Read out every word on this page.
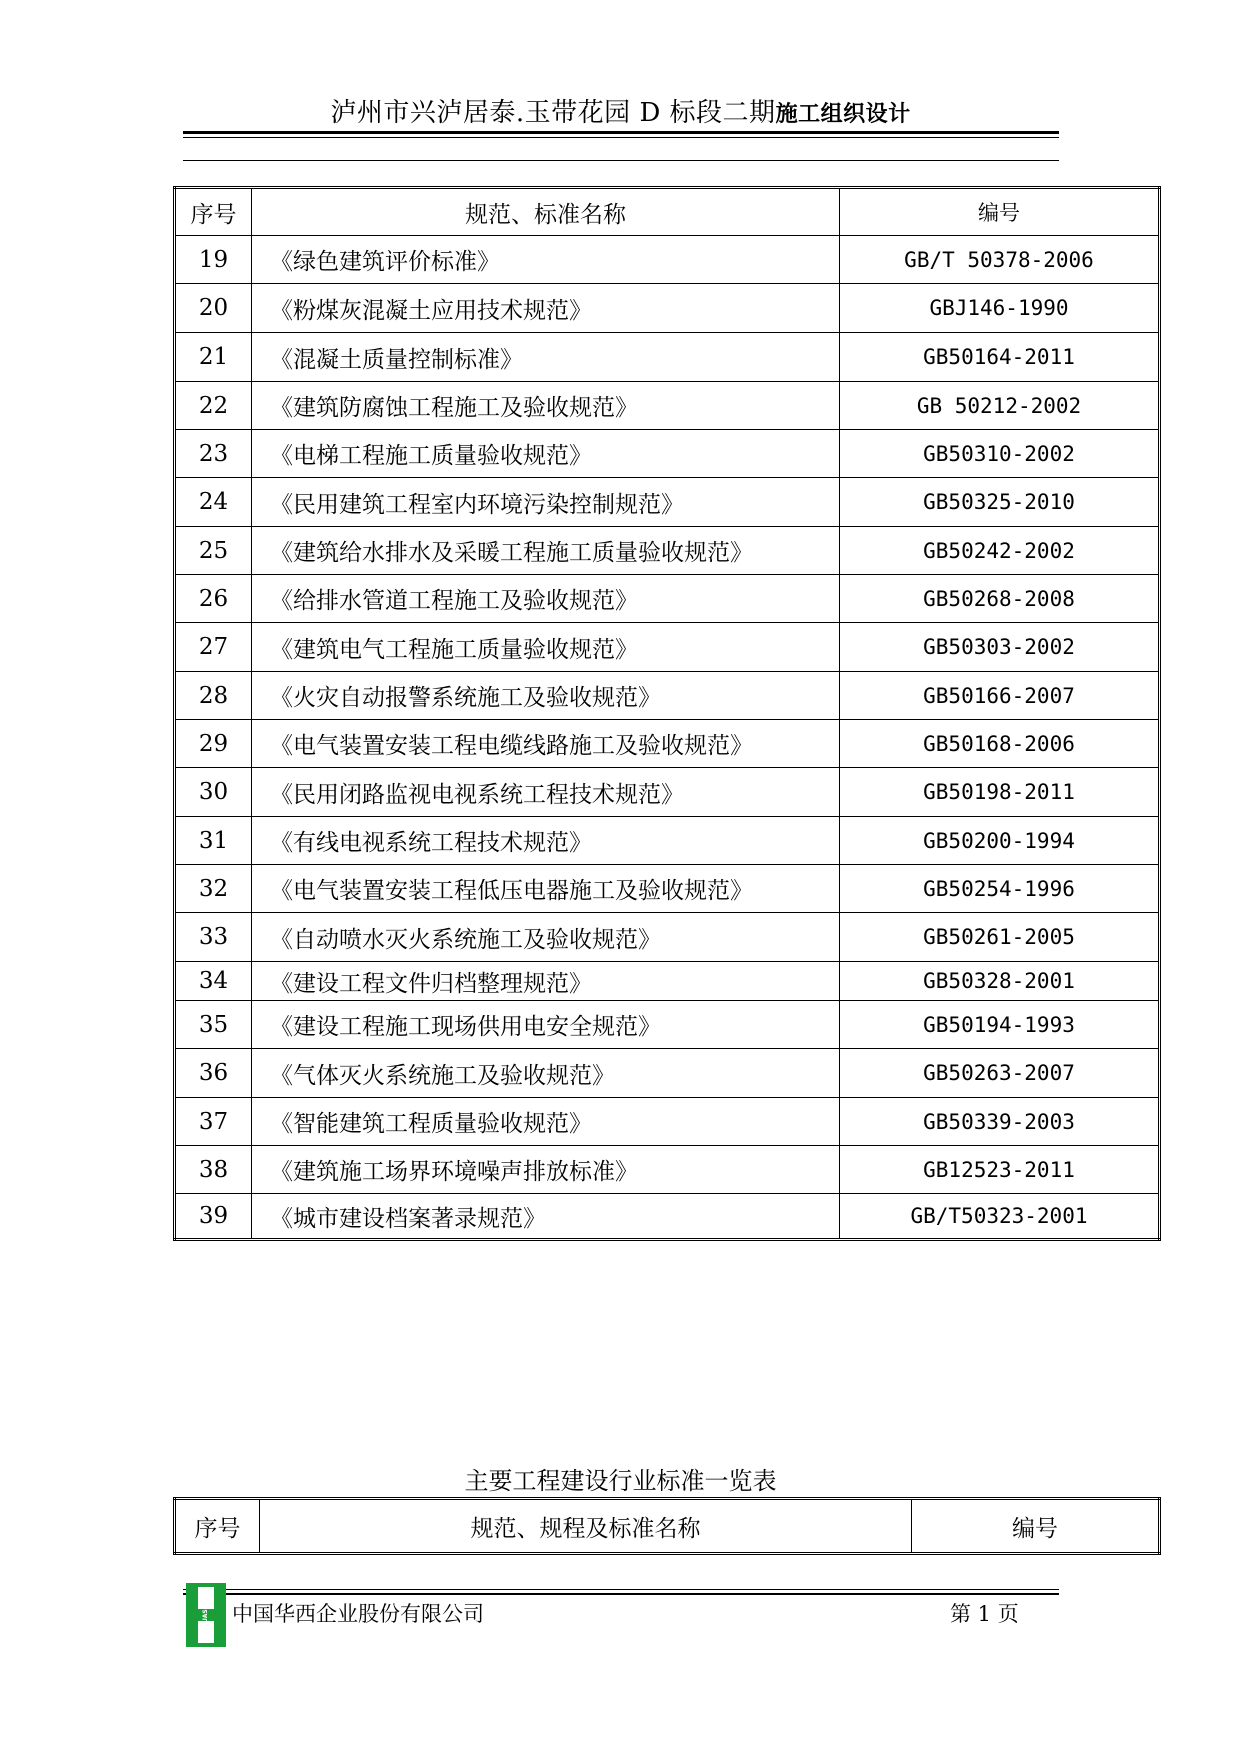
泸州市兴泸居泰.玉带花园 D 标段二期施工组织设计
序号	规范、标准名称	编号
19	《绿色建筑评价标准》	GB/T 50378-2006
20	《粉煤灰混凝土应用技术规范》	GBJ146-1990
21	《混凝土质量控制标准》	GB50164-2011
22	《建筑防腐蚀工程施工及验收规范》	GB 50212-2002
23	《电梯工程施工质量验收规范》	GB50310-2002
24	《民用建筑工程室内环境污染控制规范》	GB50325-2010
25	《建筑给水排水及采暖工程施工质量验收规范》	GB50242-2002
26	《给排水管道工程施工及验收规范》	GB50268-2008
27	《建筑电气工程施工质量验收规范》	GB50303-2002
28	《火灾自动报警系统施工及验收规范》	GB50166-2007
29	《电气装置安装工程电缆线路施工及验收规范》	GB50168-2006
30	《民用闭路监视电视系统工程技术规范》	GB50198-2011
31	《有线电视系统工程技术规范》	GB50200-1994
32	《电气装置安装工程低压电器施工及验收规范》	GB50254-1996
33	《自动喷水灭火系统施工及验收规范》	GB50261-2005
34	《建设工程文件归档整理规范》	GB50328-2001
35	《建设工程施工现场供用电安全规范》	GB50194-1993
36	《气体灭火系统施工及验收规范》	GB50263-2007
37	《智能建筑工程质量验收规范》	GB50339-2003
38	《建筑施工场界环境噪声排放标准》	GB12523-2011
39	《城市建设档案著录规范》	GB/T50323-2001
主要工程建设行业标准一览表
序号	规范、规程及标准名称	编号
HUASHI 中国华西企业股份有限公司	第 1 页
